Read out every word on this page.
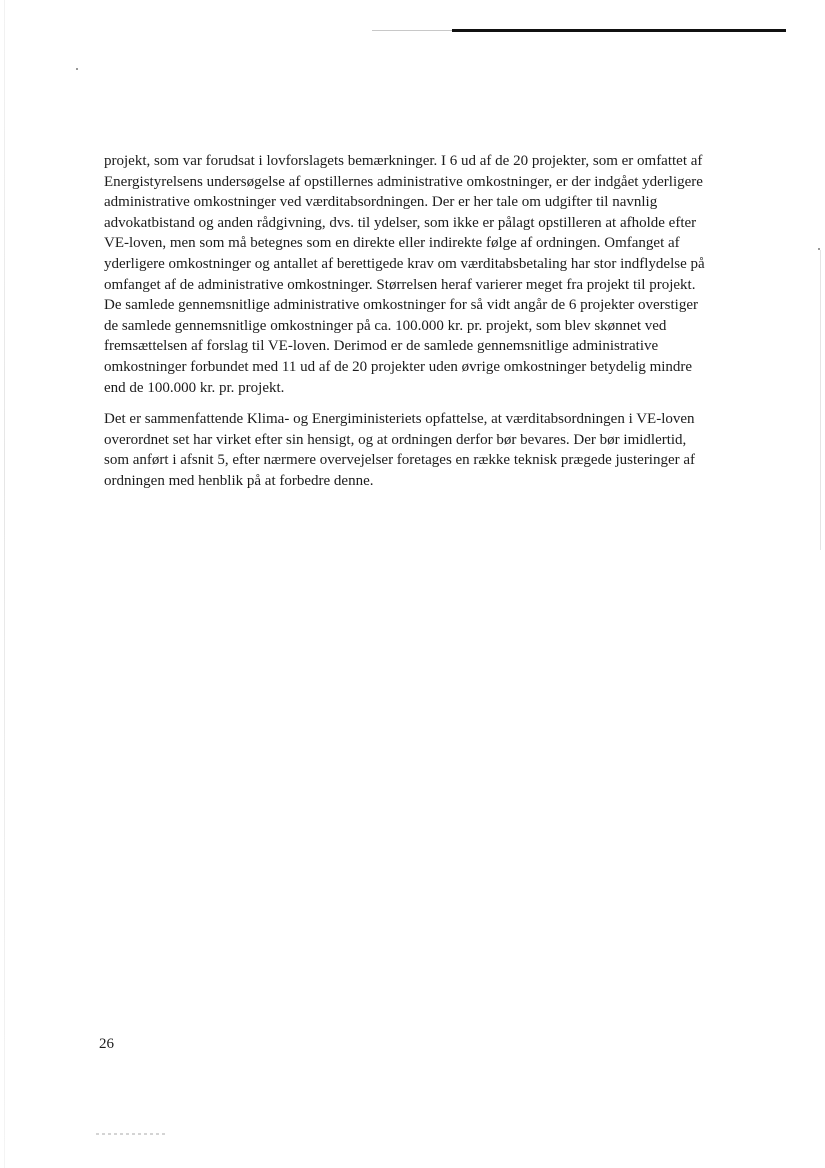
projekt, som var forudsat i lovforslagets bemærkninger. I 6 ud af de 20 projekter, som er omfattet af
Energistyrelsens undersøgelse af opstillernes administrative omkostninger, er der indgået yderligere
administrative omkostninger ved værditabsordningen. Der er her tale om udgifter til navnlig
advokatbistand og anden rådgivning, dvs. til ydelser, som ikke er pålagt opstilleren at afholde efter
VE-loven, men som må betegnes som en direkte eller indirekte følge af ordningen. Omfanget af
yderligere omkostninger og antallet af berettigede krav om værditabsbetaling har stor indflydelse på
omfanget af de administrative omkostninger. Størrelsen heraf varierer meget fra projekt til projekt.
De samlede gennemsnitlige administrative omkostninger for så vidt angår de 6 projekter overstiger
de samlede gennemsnitlige omkostninger på ca. 100.000 kr. pr. projekt, som blev skønnet ved
fremsættelsen af forslag til VE-loven. Derimod er de samlede gennemsnitlige administrative
omkostninger forbundet med 11 ud af de 20 projekter uden øvrige omkostninger betydelig mindre
end de 100.000 kr. pr. projekt.

Det er sammenfattende Klima- og Energiministeriets opfattelse, at værditabsordningen i VE-loven
overordnet set har virket efter sin hensigt, og at ordningen derfor bør bevares. Der bør imidlertid,
som anført i afsnit 5, efter nærmere overvejelser foretages en række teknisk prægede justeringer af
ordningen med henblik på at forbedre denne.

26
